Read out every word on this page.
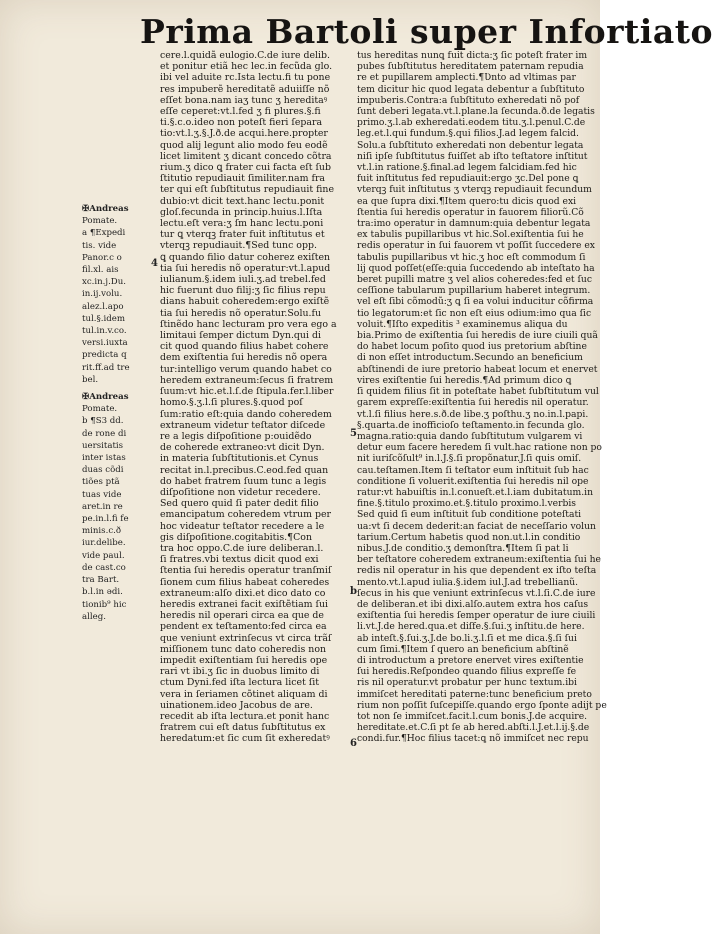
Prima Bartoli super Infortiato
✠Andreas
Pomate.
a ¶Expedi
tis. vide
Panor.c o
fil.xl. ais
xc.in.j.Du.
in.ij.volu.
alez.l.apo
tul.§.idem
tul.in.v.co.
versi.iuxta
predicta q
rit.ff.ad tre
bel.
✠Andreas
Pomate.
b ¶S3 dd.
de rone di
uersitatis
inter istas
duas cõdi
tiões ptã
tuas vide
aret.in re
pe.in.l.fi fe
minis.c.ð
iur.delibe.
vide paul.
de cast.co
tra Bart.
b.l.in ədi.
tionib⁹ hic
alleg.
4
5
b
6
cere.l.quidã eulogio.C.de iure delib.
et ponitur etiã hec lec.in fecũda glo.
ibi vel aduite rc.Ista lectu.fi tu pone
res impuberẽ hereditatẽ aduiiſſe nõ
eſſet bona.nam iaʒ tunc ʒ hereditaꝰ
eſſe ceperet:vt.l.fed ʒ fi plures.§.fi
ti.§.c.o.ideo non poteſt fieri ſepara
tio:vt.l.ʒ.§.J.ð.de acqui.here.propter
quod alij legunt alio modo feu eodẽ
licet limitent ʒ dicant concedo cõtra
rium.ʒ dico ꝗ frater cui facta eſt ſub
ſtitutio repudiauit ſimiliter.nam fra
ter qui eſt ſubſtitutus repudiauit fine
dubio:vt dicit text.hanc lectu.ponit
gloſ.fecunda in princip.huius.l.Iſta
lectu.eſt vera:ʒ ſm hanc lectu.poni
tur ꝗ vterqꝫ frater fuit inſtitutus et
vterqꝫ repudiauit.¶Sed tunc opp.
ꝗ quando filio datur coherez exiſten
tia ſui heredis nõ operatur:vt.l.apud
iulianum.§.idem iuli.ʒ.ad trebel.fed
hic fuerunt duo filij:ʒ ſic filius repu
dians habuit coheredem:ergo exiſtẽ
tia ſui heredis nõ operatur.Solu.fu
ſtinẽdo hanc lecturam pro vera ego a
limitaui ſemper dictum Dyn.qui di
cit quod quando filius habet cohere
dem exiſtentia ſui heredis nõ opera
tur:intelligo verum quando habet co
heredem extraneum:ſecus ſi fratrem
ſuum:vt hic.et.l.ſ.de ſtipula.fer.l.liber
homo.§.ʒ.l.ſi plures.§.quod poſ
ſum:ratio eſt:quia dando coheredem
extraneum videtur teſtator diſcede
re a legis diſpoſitione p:ouidẽdo
de coherede extraneo:vt dicit Dyn.
in materia ſubſtitutionis.et Cynus
recitat in.l.precibus.C.eod.fed quan
do habet fratrem ſuum tunc a legis
diſpoſitione non videtur recedere.
Sed quero quid ſi pater dedit filio
emancipatum coheredem vtrum per
hoc videatur teſtator recedere a le
gis diſpoſitione.cogitabitis.¶Con
tra hoc oppo.C.de iure deliberan.l.
ſi fratres.vbi textus dicit quod exi
ſtentia ſui heredis operatur tranſmiſ
ſionem cum filius habeat coheredes
extraneum:alſo dixi.et dico dato co
heredis extranei facit exiſtẽtiam ſui
heredis nil operari circa ea que de
pendent ex teſtamento:fed circa ea
que veniunt extrinſecus vt circa trãſ
miſſionem tunc dato coheredis non
impedit exiſtentiam ſui heredis ope
rari vt ibi.ʒ ſic in duobus limito di
ctum Dyni.fed iſta lectura licet ſit
vera in ſeriamen cõtinet aliquam di
uinationem.ideo Jacobus de are.
recedit ab iſta lectura.et ponit hanc
fratrem cui eſt datus ſubſtitutus ex
heredatum:et ſic cum ſit exheredatꝰ
tus hereditas nunꝗ fuit dicta:ʒ ſic poteſt frater im
pubes ſubſtitutus hereditatem paternam repudia
re et pupillarem amplecti.¶Ʋnto ad vltimas par
tem dicitur hic quod legata debentur a ſubſtituto
impuberis.Contra:a ſubſtituto exheredati nõ pof
ſunt deberi legata.vt.l.plane.la ſecunda.ð.de legatis
primo.ʒ.l.ab exheredati.eodem titu.ʒ.l.penul.C.de
leg.et.l.qui fundum.§.qui filios.J.ad legem falcid.
Solu.a ſubſtituto exheredati non debentur legata
niſi ipſe ſubſtitutus fuiſſet ab iſto teſtatore inſtitut
vt.l.in ratione.§.final.ad legem falcidiam.fed hic
fuit inſtitutus fed repudiauit:ergo ʒc.Del pone ꝗ
vterqꝫ fuit inſtitutus ʒ vterqꝫ repudiauit fecundum
ea que ſupra dixi.¶Item quero:tu dicis quod exi
ſtentia ſui heredis operatur in fauorem filiorũ.Cõ
tra:imo operatur in damnum:quia debentur legata
ex tabulis pupillaribus vt hic.Sol.exiſtentia ſui he
redis operatur in ſui fauorem vt poſſit ſuccedere ex
tabulis pupillaribus vt hic.ʒ hoc eſt commodum ſi
lij quod poſſet(eſſe:quia ſuccedendo ab inteſtato ha
beret pupilli matre ʒ vel alios coheredes:fed et ſuc
ceſſione tabularum pupillarium haberet integrum.
vel eſt ſibi cõmodũ:ʒ ꝗ ſi ea volui inducitur cõfirma
tio legatorum:et ſic non eſt eius odium:imo qua ſic
voluit.¶Iſto expeditis ³ examinemus aliqua du
bia.Primo de exiſtentia ſui heredis de iure ciuili quã
do habet locum poſito quod ius pretorium abſtine
di non eſſet introductum.Secundo an beneficium
abſtinendi de iure pretorio habeat locum et enervet
vires exiſtentie ſui heredis.¶Ad primum dico ꝗ
ſi quidem filius ſit in poteſtate habet ſubſtitutum vul
garem expreſſe:exiſtentia ſui heredis nil operatur.
vt.l.ſi filius here.s.ð.de libe.ʒ poſthu.ʒ no.in.l.papi.
§.quarta.de inofficioſo teſtamento.in fecunda glo.
magna.ratio:quia dando ſubſtitutum vulgarem vi
detur eum facere heredem ſi vult.hac ratione non po
nit iuriſcõſult⁹ in.l.J.§.ſi propõnatur.J.ſi quis omiſ.
cau.teſtamen.Item ſi teſtator eum inſtituit ſub hac
conditione ſi voluerit.exiſtentia ſui heredis nil ope
ratur:vt habuiſtis in.l.conueſt.et.l.iam dubitatum.in
fine.§.titulo proximo.et.§.titulo proximo.l.verbis
Sed quid ſi eum inſtituit ſub conditione poteſtati
ua:vt ſi decem dederit:an faciat de neceſſario volun
tarium.Certum habetis quod non.ut.l.in conditio
nibus.J.de conditio.ʒ demonſtra.¶Item ſi pat li
ber teſtatore coheredem extraneum:exiſtentia ſui he
redis nil operatur in his que dependent ex iſto teſta
mento.vt.l.apud iulia.§.idem iul.J.ad trebellianũ.
ſecus in his que veniunt extrinſecus vt.l.ſi.C.de iure
de deliberan.et ibi dixi.alſo.autem extra hos caſus
exiſtentia ſui heredis ſemper operatur de iure ciuili
li.vt.J.de hered.qua.et diſfe.§.ſui.ʒ inſtitu.de here.
ab inteſt.§.ſui.ʒ.J.de bo.li.ʒ.l.ſi et me dica.§.ſi ſui
cum ſimi.¶Item ſ quero an beneficium abſtinẽ
di introductum a pretore enervet vires exiſtentie
ſui heredis.Reſpondeo quando filius expreſſe fe
ris nil operatur.vt probatur per hunc textum.ibi
immiſcet hereditati paterne:tunc beneficium preto
rium non poſſit ſuſcepiſſe.quando ergo ſponte adijt pe
tot non ſe immiſcet.facit.l.cum bonis.J.de acquire.
hereditate.et.C.ſi pt ſe ab hered.abſti.l.J.et.l.ij.§.de
condi.fur.¶Hoc filius tacet:ꝗ nõ immiſcet nec repu
